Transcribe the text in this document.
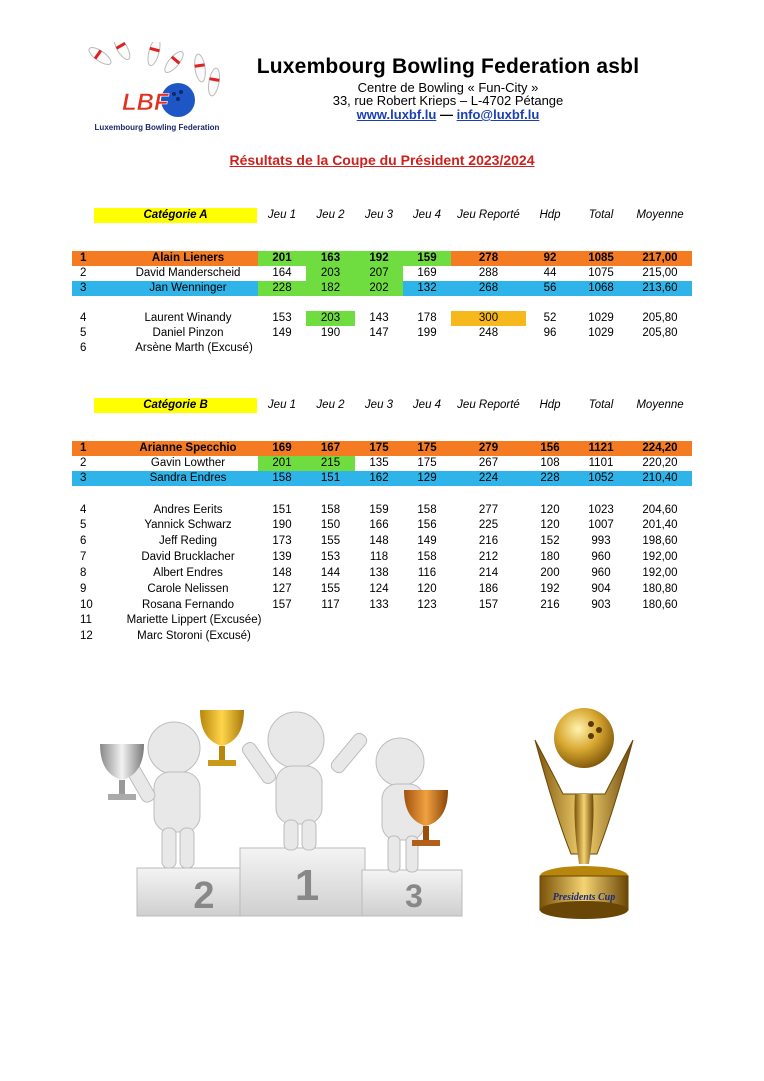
LBF
Luxembourg Bowling Federation
Luxembourg Bowling Federation asbl
Centre de Bowling « Fun-City »
33, rue Robert Krieps – L-4702 Pétange
www.luxbf.lu — info@luxbf.lu
Résultats de la Coupe du Président 2023/2024
Catégorie A	Jeu 1	Jeu 2	Jeu 3	Jeu 4	Jeu Reporté	Hdp	Total	Moyenne
1	Alain Lieners	201	163	192	159	278	92	1085	217,00
2	David Manderscheid	164	203	207	169	288	44	1075	215,00
3	Jan Wenninger	228	182	202	132	268	56	1068	213,60
4	Laurent Winandy	153	203	143	178	300	52	1029	205,80
5	Daniel Pinzon	149	190	147	199	248	96	1029	205,80
6	Arsène Marth (Excusé)
Catégorie B	Jeu 1	Jeu 2	Jeu 3	Jeu 4	Jeu Reporté	Hdp	Total	Moyenne
1	Arianne Specchio	169	167	175	175	279	156	1121	224,20
2	Gavin Lowther	201	215	135	175	267	108	1101	220,20
3	Sandra Endres	158	151	162	129	224	228	1052	210,40
4	Andres Eerits	151	158	159	158	277	120	1023	204,60
5	Yannick Schwarz	190	150	166	156	225	120	1007	201,40
6	Jeff Reding	173	155	148	149	216	152	993	198,60
7	David Brucklacher	139	153	118	158	212	180	960	192,00
8	Albert Endres	148	144	138	116	214	200	960	192,00
9	Carole Nelissen	127	155	124	120	186	192	904	180,80
10	Rosana Fernando	157	117	133	123	157	216	903	180,60
11	Mariette Lippert (Excusée)
12	Marc Storoni (Excusé)
2 1	3	Presidents Cup
